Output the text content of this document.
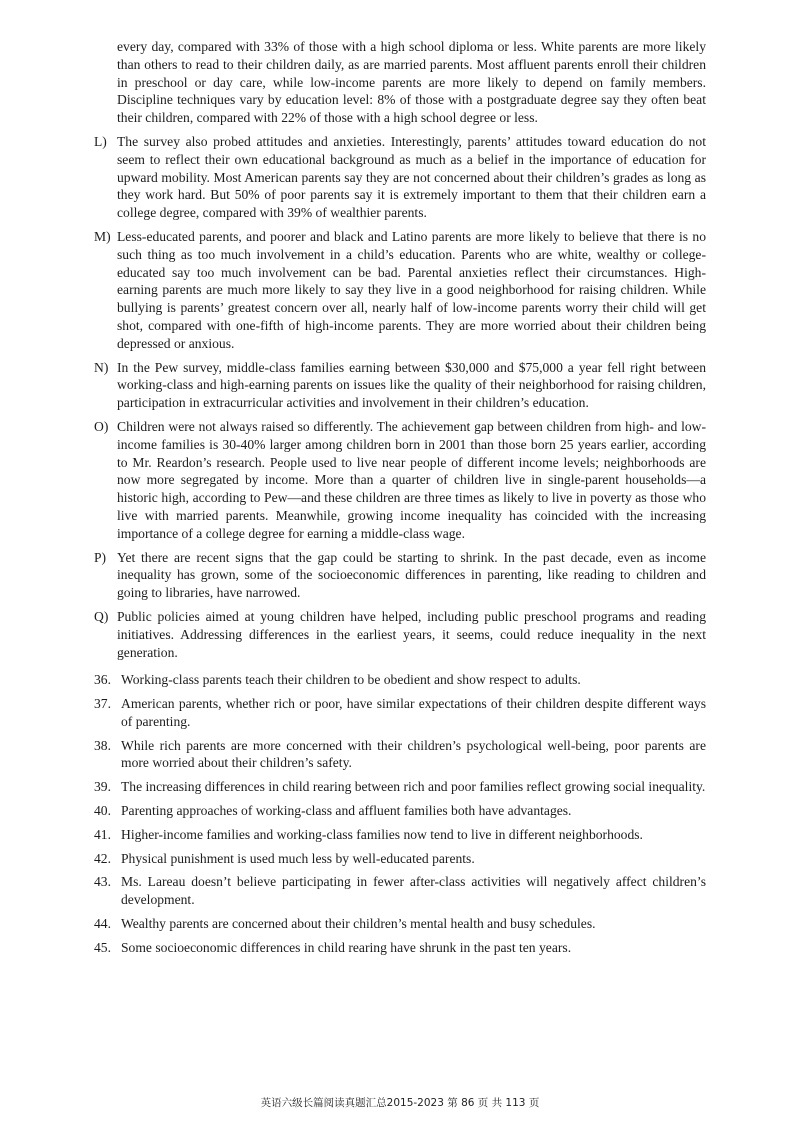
every day, compared with 33% of those with a high school diploma or less. White parents are more likely than others to read to their children daily, as are married parents. Most affluent parents enroll their children in preschool or day care, while low-income parents are more likely to depend on family members. Discipline techniques vary by education level: 8% of those with a postgraduate degree say they often beat their children, compared with 22% of those with a high school degree or less.

L) The survey also probed attitudes and anxieties. Interestingly, parents’ attitudes toward education do not seem to reflect their own educational background as much as a belief in the importance of education for upward mobility. Most American parents say they are not concerned about their children’s grades as long as they work hard. But 50% of poor parents say it is extremely important to them that their children earn a college degree, compared with 39% of wealthier parents.
M) Less-educated parents, and poorer and black and Latino parents are more likely to believe that there is no such thing as too much involvement in a child’s education. Parents who are white, wealthy or college- educated say too much involvement can be bad. Parental anxieties reflect their circumstances. High- earning parents are much more likely to say they live in a good neighborhood for raising children. While bullying is parents’ greatest concern over all, nearly half of low-income parents worry their child will get shot, compared with one-fifth of high-income parents. They are more worried about their children being depressed or anxious.
N) In the Pew survey, middle-class families earning between $30,000 and $75,000 a year fell right between working-class and high-earning parents on issues like the quality of their neighborhood for raising children, participation in extracurricular activities and involvement in their children’s education.
O) Children were not always raised so differently. The achievement gap between children from high- and low-income families is 30-40% larger among children born in 2001 than those born 25 years earlier, according to Mr. Reardon’s research. People used to live near people of different income levels; neighborhoods are now more segregated by income. More than a quarter of children live in single-parent households—a historic high, according to Pew—and these children are three times as likely to live in poverty as those who live with married parents. Meanwhile, growing income inequality has coincided with the increasing importance of a college degree for earning a middle-class wage.
P) Yet there are recent signs that the gap could be starting to shrink. In the past decade, even as income inequality has grown, some of the socioeconomic differences in parenting, like reading to children and going to libraries, have narrowed.
Q) Public policies aimed at young children have helped, including public preschool programs and reading initiatives. Addressing differences in the earliest years, it seems, could reduce inequality in the next generation.
36. Working-class parents teach their children to be obedient and show respect to adults.
37. American parents, whether rich or poor, have similar expectations of their children despite different ways of parenting.
38. While rich parents are more concerned with their children’s psychological well-being, poor parents are more worried about their children’s safety.
39. The increasing differences in child rearing between rich and poor families reflect growing social inequality.
40. Parenting approaches of working-class and affluent families both have advantages.
41. Higher-income families and working-class families now tend to live in different neighborhoods.
42. Physical punishment is used much less by well-educated parents.
43. Ms. Lareau doesn’t believe participating in fewer after-class activities will negatively affect children’s development.
44. Wealthy parents are concerned about their children’s mental health and busy schedules.
45. Some socioeconomic differences in child rearing have shrunk in the past ten years.
英语六级长篇阅读真题汇总2015-2023 第 86 页 共 113 页
